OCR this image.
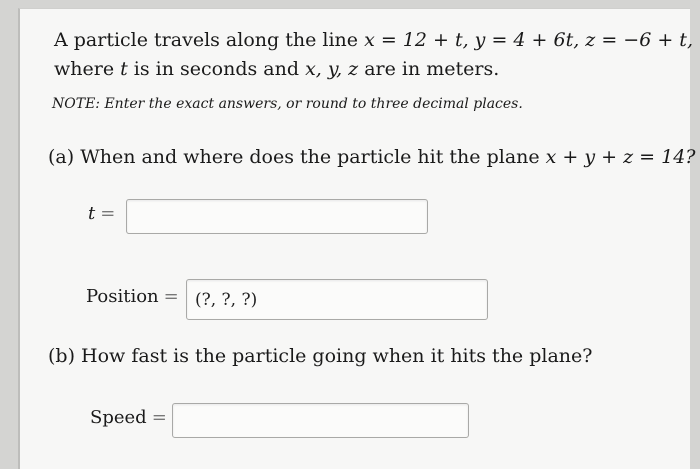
A particle travels along the line x = 12 + t, y = 4 + 6t, z = −6 + t,
where t is in seconds and x, y, z are in meters.
NOTE: Enter the exact answers, or round to three decimal places.
(a) When and where does the particle hit the plane x + y + z = 14?
t =
Position =
(?, ?, ?)
(b) How fast is the particle going when it hits the plane?
Speed =
